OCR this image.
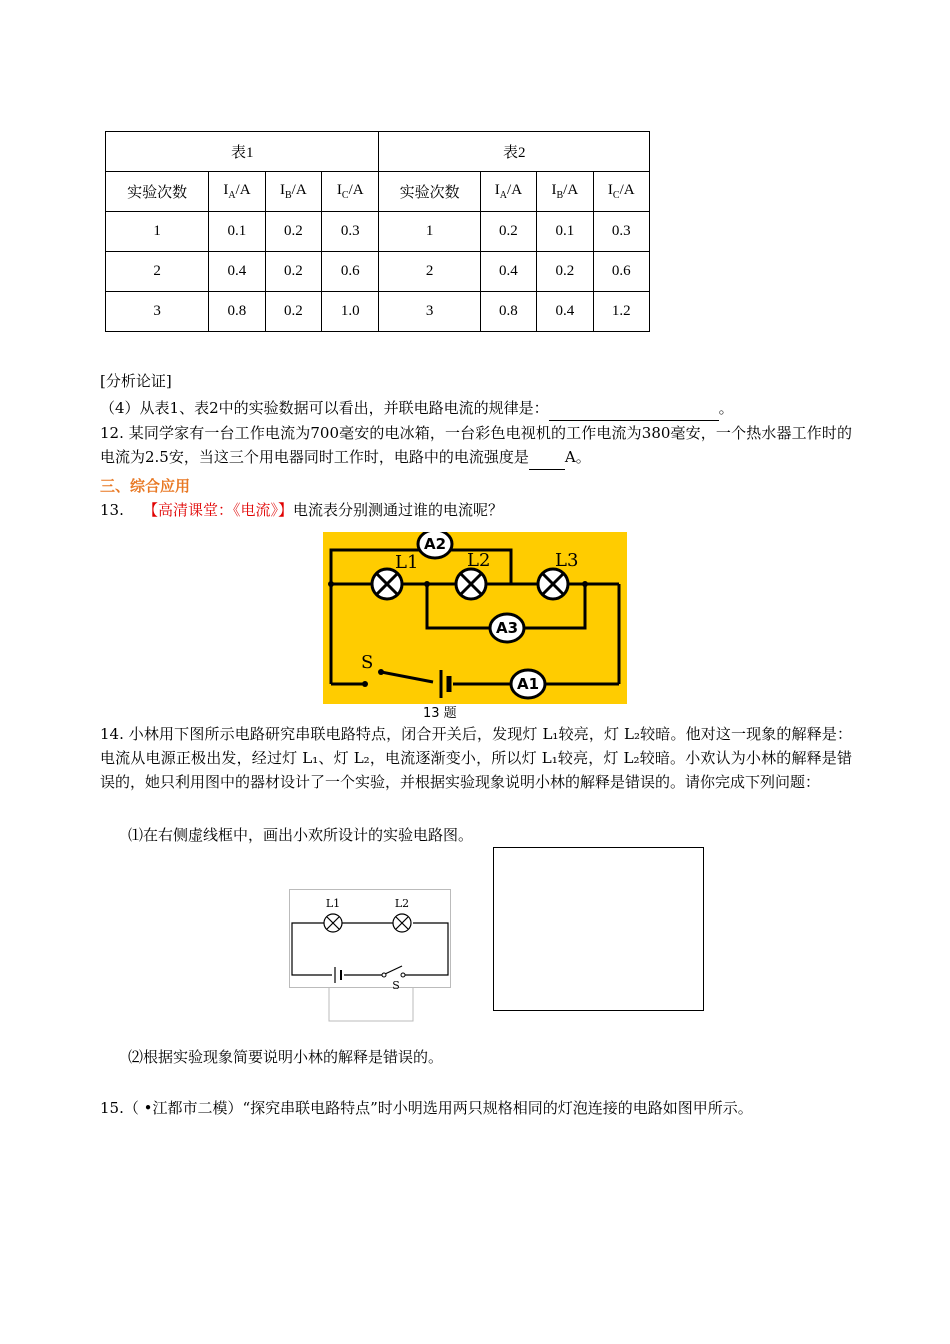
表1				表2			
实验次数	$I_A/A$	$I_B/A$	$I_C/A$	实验次数	$I_A/A$	$I_B/A$	$I_C/A$
1	0.1	0.2	0.3	1	0.2	0.1	0.3
2	0.4	0.2	0.6	2	0.4	0.2	0.6
3	0.8	0.2	1.0	3	0.8	0.4	1.2
[分析论证]
（4）从表1、表2中的实验数据可以看出，并联电路电流的规律是：	。
12. 某同学家有一台工作电流为700毫安的电冰箱，一台彩色电视机的工作电流为380毫安，一个热水器工作时的电流为2.5安，当这三个用电器同时工作时，电路中的电流强度是 A。
三、综合应用
13. 【高清课堂：《电流》】电流表分别测通过谁的电流呢？
A2
A3
A1
L1	L2	L3
S
13 题
14. 小林用下图所示电路研究串联电路特点，闭合开关后，发现灯 L₁较亮，灯 L₂较暗。他对这一现象的解释是：电流从电源正极出发，经过灯 L₁、灯 L₂，电流逐渐变小，所以灯 L₁较亮，灯 L₂较暗。小欢认为小林的解释是错误的，她只利用图中的器材设计了一个实验，并根据实验现象说明小林的解释是错误的。请你完成下列问题：
⑴在右侧虚线框中，画出小欢所设计的实验电路图。
L1	L2
S
⑵根据实验现象简要说明小林的解释是错误的。
15.（ •江都市二模）“探究串联电路特点”时小明选用两只规格相同的灯泡连接的电路如图甲所示。
